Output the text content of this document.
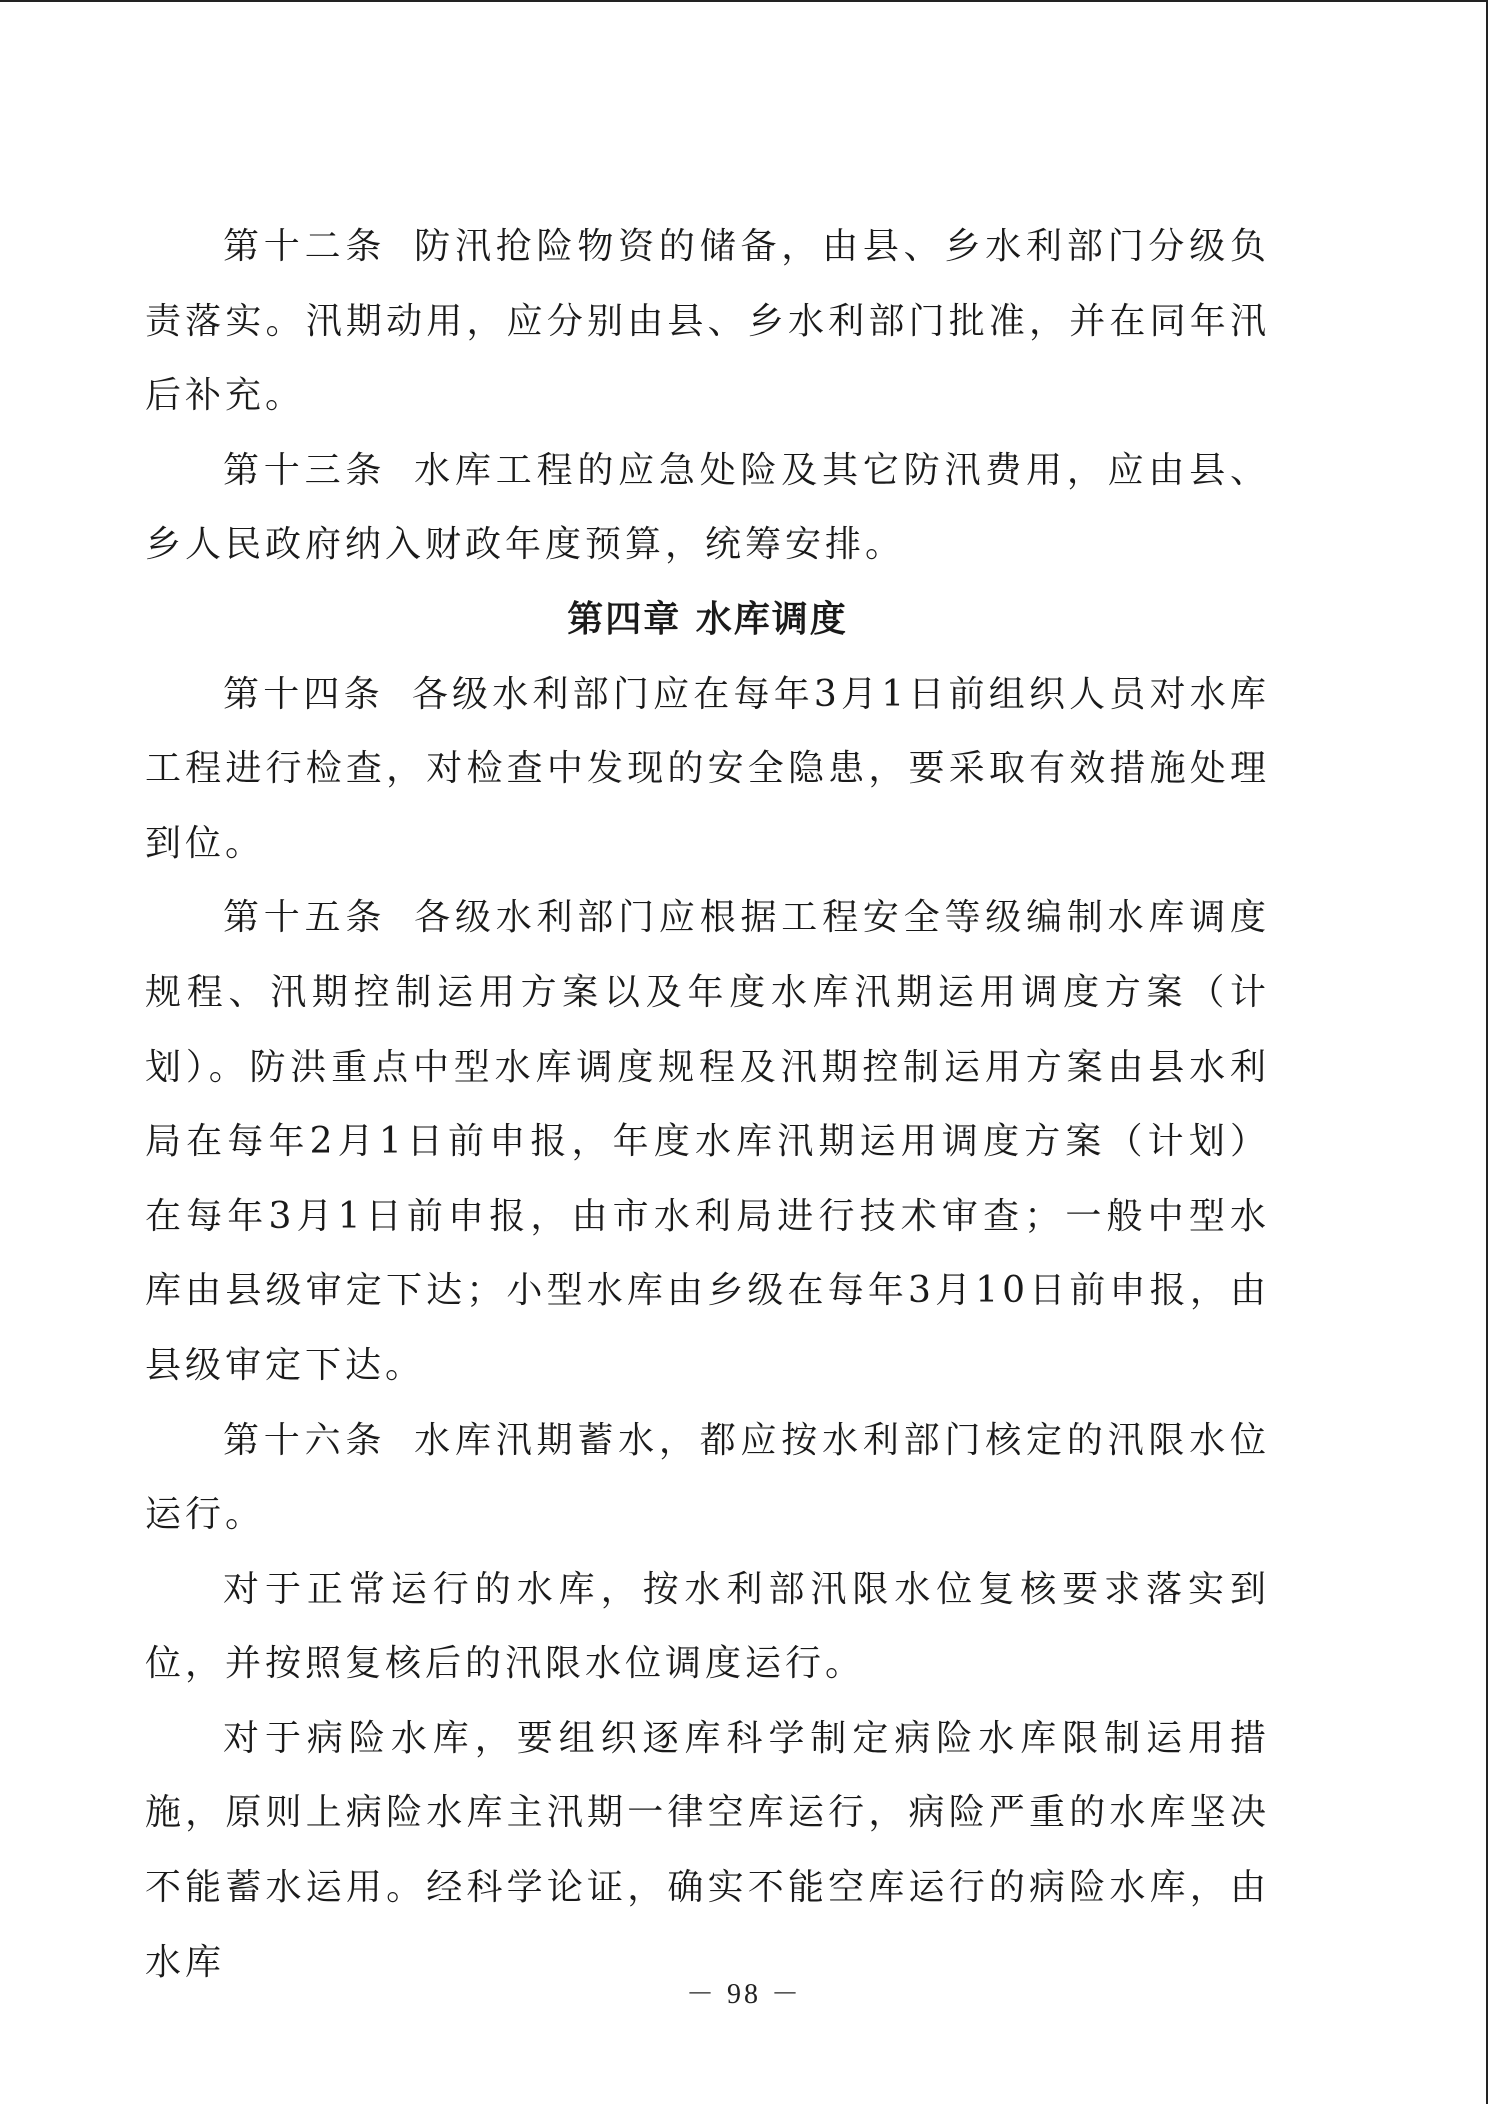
第十二条 防汛抢险物资的储备，由县、乡水利部门分级负责落实。汛期动用，应分别由县、乡水利部门批准，并在同年汛后补充。

第十三条 水库工程的应急处险及其它防汛费用，应由县、乡人民政府纳入财政年度预算，统筹安排。

第四章 水库调度

第十四条 各级水利部门应在每年3月1日前组织人员对水库工程进行检查，对检查中发现的安全隐患，要采取有效措施处理到位。

第十五条 各级水利部门应根据工程安全等级编制水库调度规程、汛期控制运用方案以及年度水库汛期运用调度方案（计划）。防洪重点中型水库调度规程及汛期控制运用方案由县水利局在每年2月1日前申报，年度水库汛期运用调度方案（计划）在每年3月1日前申报，由市水利局进行技术审查；一般中型水库由县级审定下达；小型水库由乡级在每年3月10日前申报，由县级审定下达。

第十六条 水库汛期蓄水，都应按水利部门核定的汛限水位运行。

对于正常运行的水库，按水利部汛限水位复核要求落实到位，并按照复核后的汛限水位调度运行。

对于病险水库，要组织逐库科学制定病险水库限制运用措施，原则上病险水库主汛期一律空库运行，病险严重的水库坚决不能蓄水运用。经科学论证，确实不能空库运行的病险水库，由水库

－ 98 －
